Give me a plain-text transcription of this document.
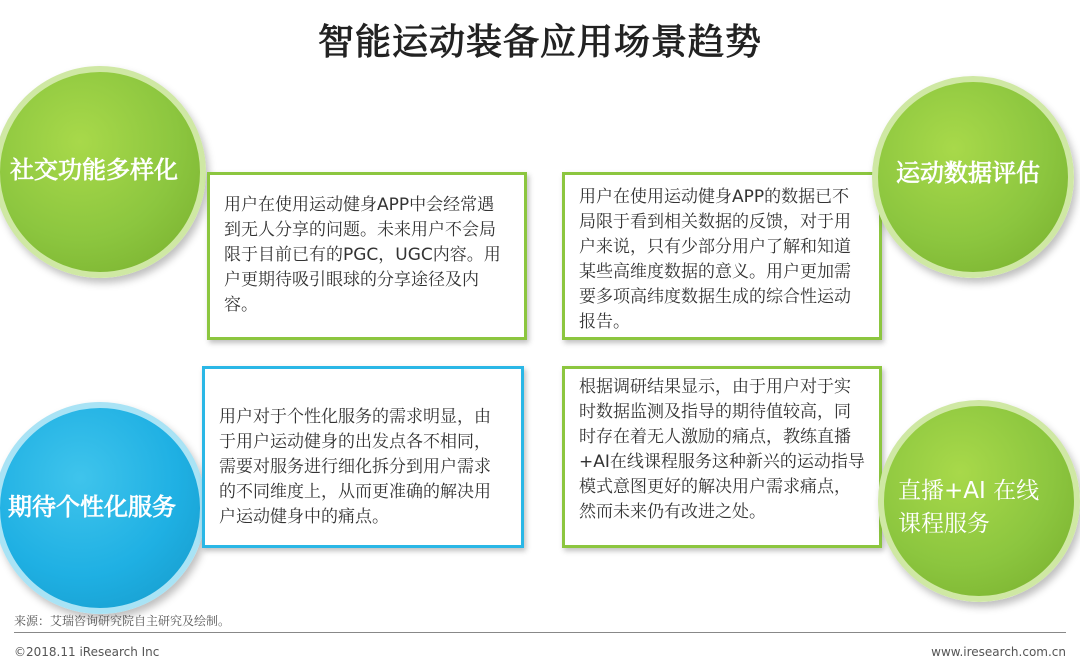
智能运动装备应用场景趋势
社交功能多样化

用户在使用运动健身APP中会经常遇到无人分享的问题。未来用户不会局限于目前已有的PGC，UGC内容。用户更期待吸引眼球的分享途径及内容。

用户在使用运动健身APP的数据已不局限于看到相关数据的反馈，对于用户来说，只有少部分用户了解和知道某些高维度数据的意义。用户更加需要多项高纬度数据生成的综合性运动报告。

运动数据评估

用户对于个性化服务的需求明显，由于用户运动健身的出发点各不相同，需要对服务进行细化拆分到用户需求的不同维度上，从而更准确的解决用户运动健身中的痛点。

期待个性化服务

根据调研结果显示，由于用户对于实时数据监测及指导的期待值较高，同时存在着无人激励的痛点，教练直播+AI在线课程服务这种新兴的运动指导模式意图更好的解决用户需求痛点，然而未来仍有改进之处。

直播+AI 在线
课程服务
来源：艾瑞咨询研究院自主研究及绘制。
©2018.11 iResearch Inc	www.iresearch.com.cn
